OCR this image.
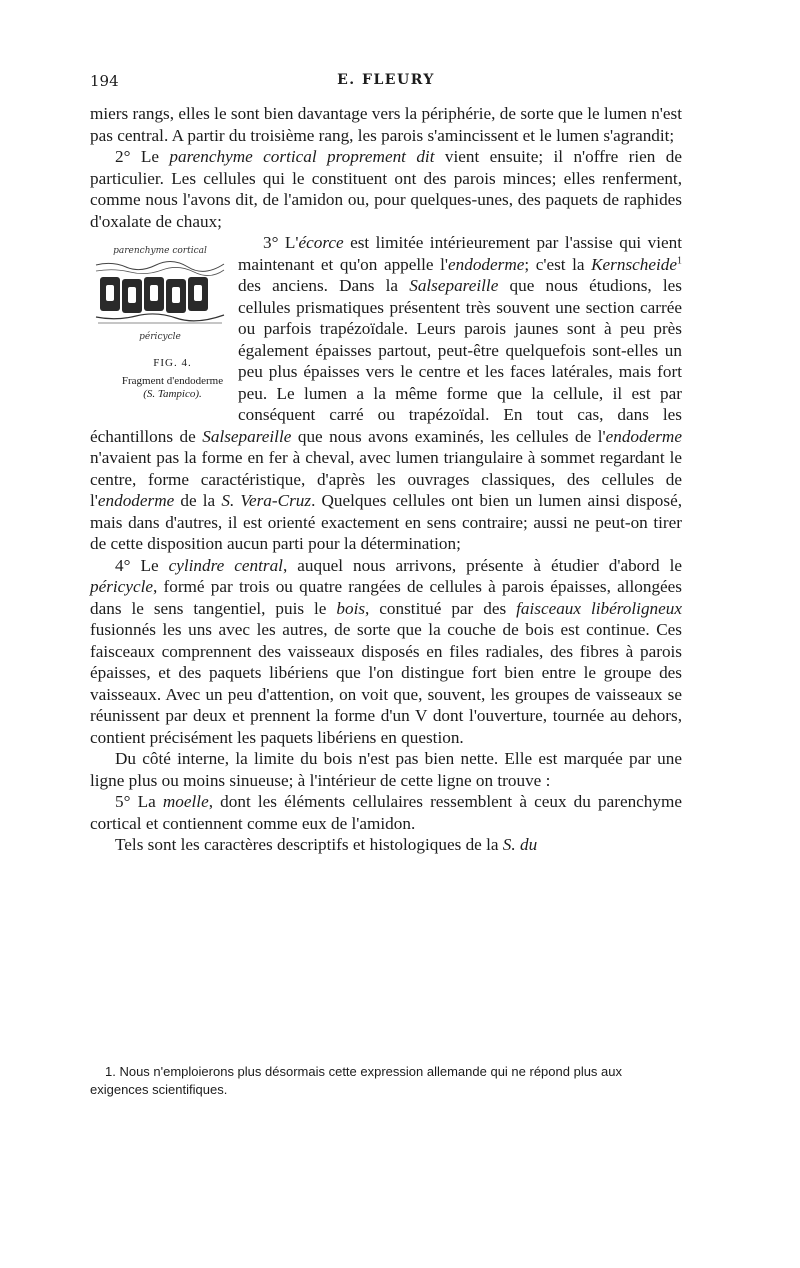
194	E. FLEURY

miers rangs, elles le sont bien davantage vers la périphérie, de sorte que le lumen n'est pas central. A partir du troisième rang, les parois s'amincissent et le lumen s'agrandit;

2° Le parenchyme cortical proprement dit vient ensuite; il n'offre rien de particulier. Les cellules qui le constituent ont des parois minces; elles renferment, comme nous l'avons dit, de l'amidon ou, pour quelques-unes, des paquets de raphides d'oxalate de chaux;

parenchyme cortical
péricycle
FIG. 4.
Fragment d'endoderme
(S. Tampico).
3° L'écorce est limitée intérieurement par l'assise qui vient maintenant et qu'on appelle l'endoderme; c'est la Kernscheide$^1$ des anciens. Dans la Salsepareille que nous étudions, les cellules prismatiques présentent très souvent une section carrée ou parfois trapézoïdale. Leurs parois jaunes sont à peu près également épaisses partout, peut-être quelquefois sont-elles un peu plus épaisses vers le centre et les faces latérales, mais fort peu. Le lumen a la même forme que la cellule, il est par conséquent carré ou trapézoïdal. En tout cas, dans les échantillons de Salsepareille que nous avons examinés, les cellules de l'endoderme n'avaient pas la forme en fer à cheval, avec lumen triangulaire à sommet regardant le centre, forme caractéristique, d'après les ouvrages classiques, des cellules de l'endoderme de la S. Vera-Cruz. Quelques cellules ont bien un lumen ainsi disposé, mais dans d'autres, il est orienté exactement en sens contraire; aussi ne peut-on tirer de cette disposition aucun parti pour la détermination;

4° Le cylindre central, auquel nous arrivons, présente à étudier d'abord le péricycle, formé par trois ou quatre rangées de cellules à parois épaisses, allongées dans le sens tangentiel, puis le bois, constitué par des faisceaux libéroligneux fusionnés les uns avec les autres, de sorte que la couche de bois est continue. Ces faisceaux comprennent des vaisseaux disposés en files radiales, des fibres à parois épaisses, et des paquets libériens que l'on distingue fort bien entre le groupe des vaisseaux. Avec un peu d'attention, on voit que, souvent, les groupes de vaisseaux se réunissent par deux et prennent la forme d'un V dont l'ouverture, tournée au dehors, contient précisément les paquets libériens en question.

Du côté interne, la limite du bois n'est pas bien nette. Elle est marquée par une ligne plus ou moins sinueuse; à l'intérieur de cette ligne on trouve :

5° La moelle, dont les éléments cellulaires ressemblent à ceux du parenchyme cortical et contiennent comme eux de l'amidon.

Tels sont les caractères descriptifs et histologiques de la S. du

1. Nous n'emploierons plus désormais cette expression allemande qui ne répond plus aux exigences scientifiques.
